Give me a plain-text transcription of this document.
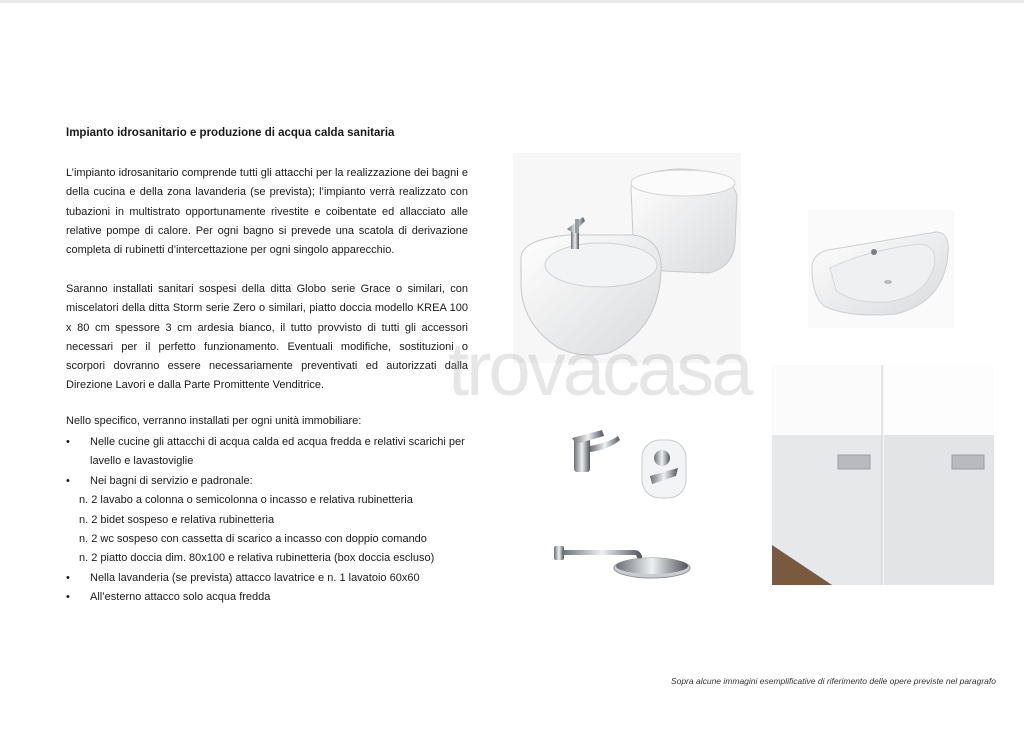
Impianto idrosanitario e produzione di acqua calda sanitaria

L’impianto idrosanitario comprende tutti gli attacchi per la realizzazione dei bagni e della cucina e della zona lavanderia (se prevista); l’impianto verrà realizzato con tubazioni in multistrato opportunamente rivestite e coibentate ed allacciato alle relative pompe di calore. Per ogni bagno si prevede una scatola di derivazione completa di rubinetti d’intercettazione per ogni singolo apparecchio.

Saranno installati sanitari sospesi della ditta Globo serie Grace o similari, con miscelatori della ditta Storm serie Zero o similari, piatto doccia modello KREA 100 x 80 cm spessore 3 cm ardesia bianco, il tutto provvisto di tutti gli accessori necessari per il perfetto funzionamento. Eventuali modifiche, sostituzioni o scorpori dovranno essere necessariamente preventivati ed autorizzati dalla Direzione Lavori e dalla Parte Promittente Venditrice.

Nello specifico, verranno installati per ogni unità immobiliare:

• Nelle cucine gli attacchi di acqua calda ed acqua fredda e relativi scarichi per lavello e lavastoviglie
• Nei bagni di servizio e padronale:
n. 2 lavabo a colonna o semicolonna o incasso e relativa rubinetteria
n. 2 bidet sospeso e relativa rubinetteria
n. 2 wc sospeso con cassetta di scarico a incasso con doppio comando
n. 2 piatto doccia dim. 80x100 e relativa rubinetteria (box doccia escluso)
• Nella lavanderia (se prevista) attacco lavatrice e n. 1 lavatoio 60x60
• All’esterno attacco solo acqua fredda
trovacasa
Sopra alcune immagini esemplificative di riferimento delle opere previste nel paragrafo
